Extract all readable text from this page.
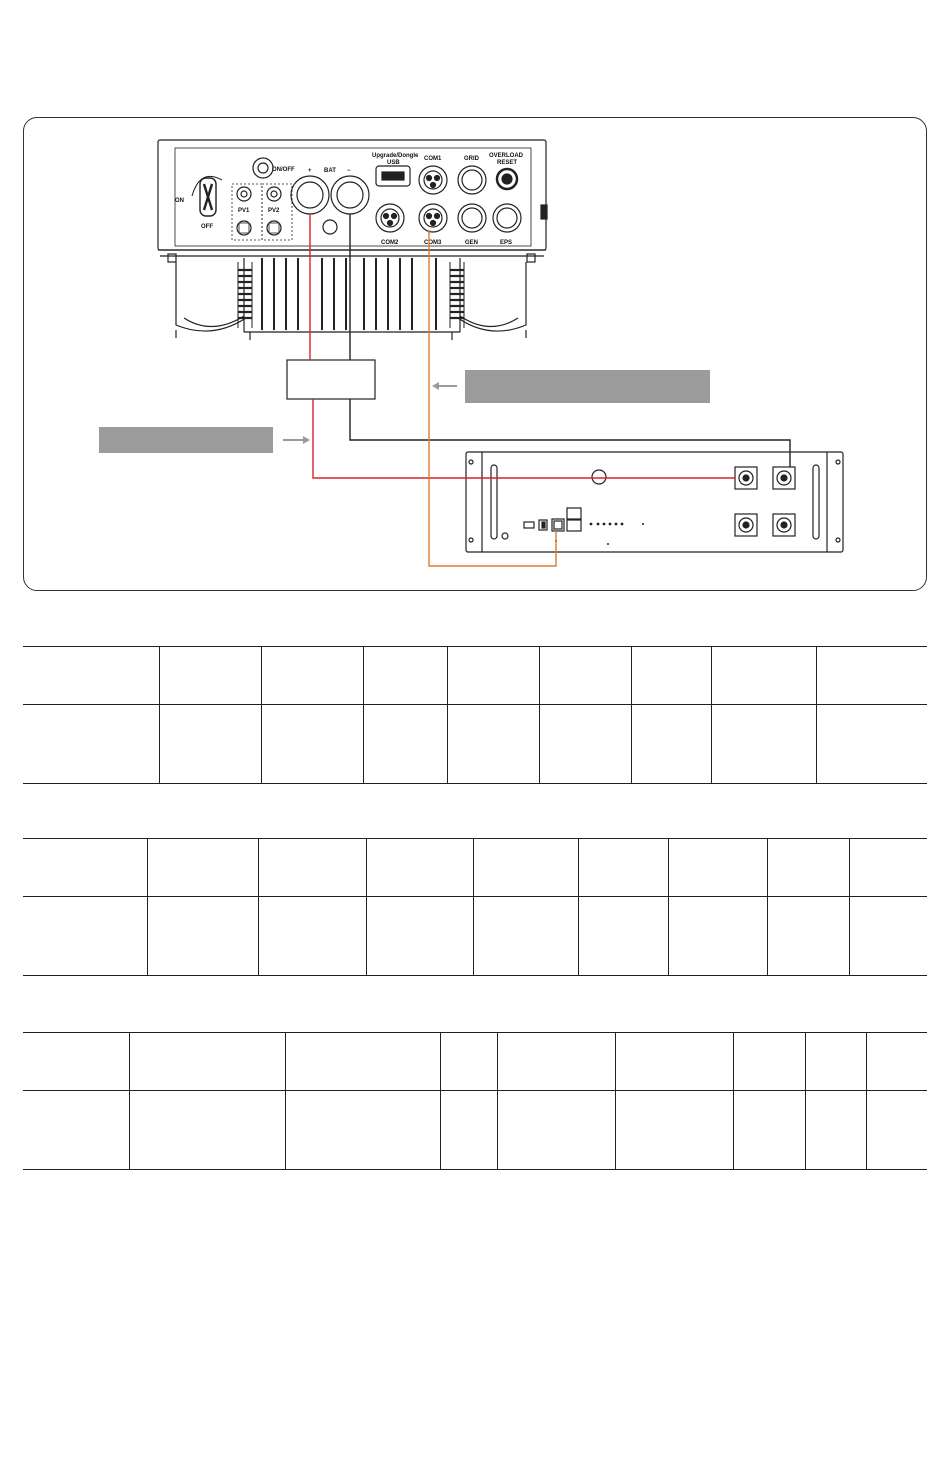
ON/OFF	BAT
+	−
Upgrade/Dongle
USB
COM1	GRID OVERLOAD
RESET
COM2	COM3	GEN	EPS
PV1	PV2
ON
OFF
